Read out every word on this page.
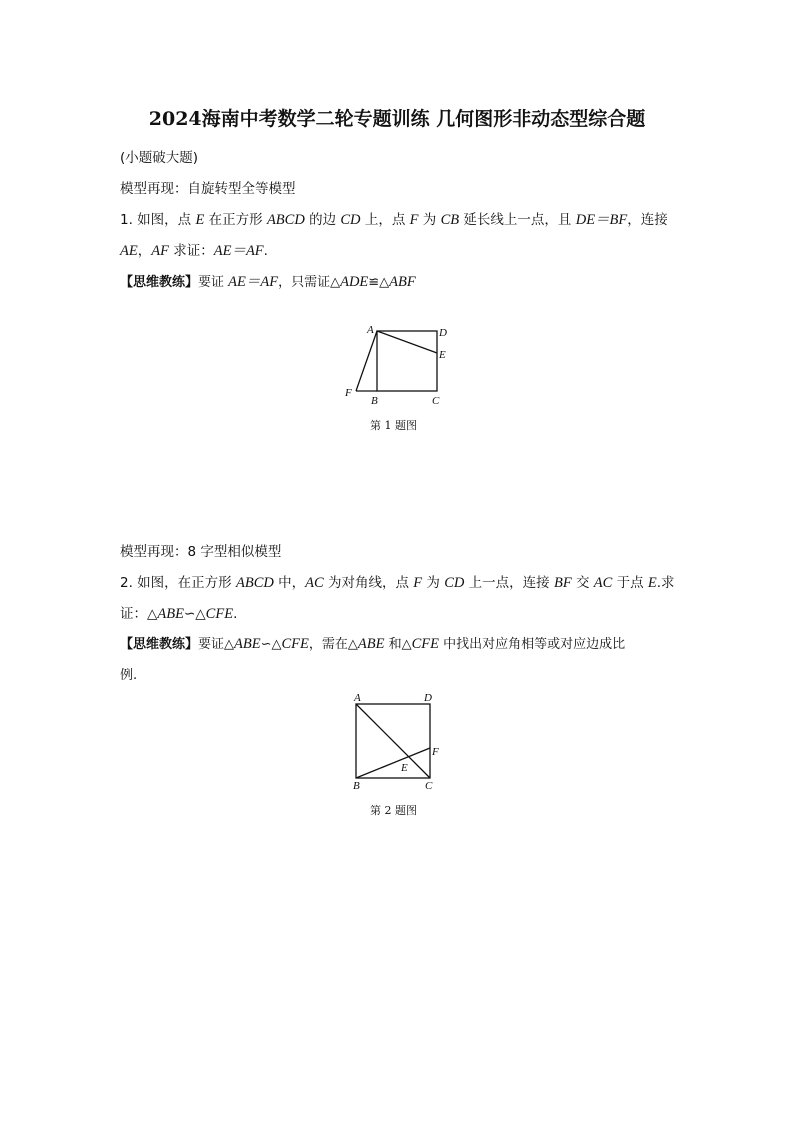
2024海南中考数学二轮专题训练 几何图形非动态型综合题
(小题破大题)
模型再现：自旋转型全等模型
1. 如图，点 E 在正方形 ABCD 的边 CD 上，点 F 为 CB 延长线上一点，且 DE＝BF，连接
AE，AF 求证：AE＝AF.
【思维教练】要证 AE＝AF，只需证△ADE≌△ABF
A	D
E
F
B	C
第 1 题图
模型再现：8 字型相似模型
2. 如图，在正方形 ABCD 中，AC 为对角线，点 F 为 CD 上一点，连接 BF 交 AC 于点 E.求
证：△ABE∽△CFE.
【思维教练】要证△ABE∽△CFE，需在△ABE 和△CFE 中找出对应角相等或对应边成比
例.
A	D
F
E
B	C
第 2 题图
